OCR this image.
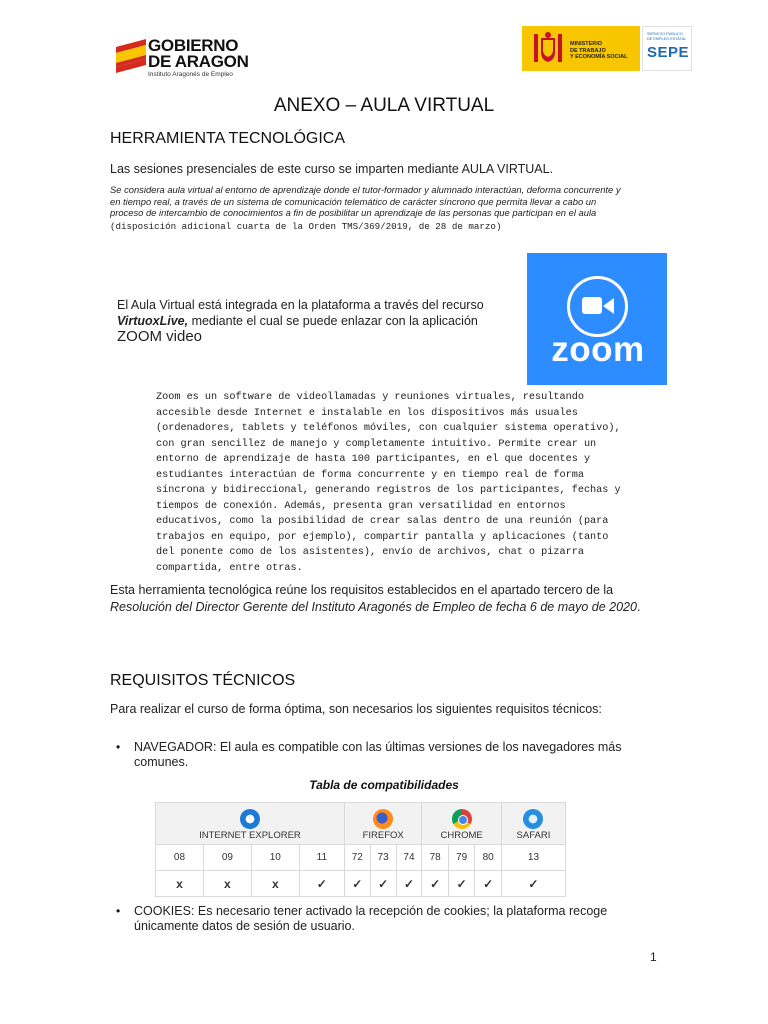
GOBIERNO
DE ARAGON
Instituto Aragonés de Empleo
MINISTERIO
DE TRABAJO
Y ECONOMÍA SOCIAL
SERVICIO PÚBLICO DE EMPLEO ESTATAL
SEPE
ANEXO – AULA VIRTUAL
HERRAMIENTA TECNOLÓGICA
Las sesiones presenciales de este curso se imparten mediante AULA VIRTUAL.
Se considera aula virtual al entorno de aprendizaje donde el tutor-formador y alumnado interactúan, deforma concurrente y en tiempo real, a través de un sistema de comunicación telemático de carácter síncrono que permita llevar a cabo un proceso de intercambio de conocimientos a fin de posibilitar un aprendizaje de las personas que participan en el aula (disposición adicional cuarta de la Orden TMS/369/2019, de 28 de marzo)
El Aula Virtual está integrada en la plataforma a través del recurso VirtuoxLive, mediante el cual se puede enlazar con la aplicación ZOOM video	zoom
Zoom es un software de videollamadas y reuniones virtuales, resultando accesible desde Internet e instalable en los dispositivos más usuales (ordenadores, tablets y teléfonos móviles, con cualquier sistema operativo), con gran sencillez de manejo y completamente intuitivo. Permite crear un entorno de aprendizaje de hasta 100 participantes, en el que docentes y estudiantes interactúan de forma concurrente y en tiempo real de forma síncrona y bidireccional, generando registros de los participantes, fechas y tiempos de conexión. Además, presenta gran versatilidad en entornos educativos, como la posibilidad de crear salas dentro de una reunión (para trabajos en equipo, por ejemplo), compartir pantalla y aplicaciones (tanto del ponente como de los asistentes), envío de archivos, chat o pizarra compartida, entre otras.
Esta herramienta tecnológica reúne los requisitos establecidos en el apartado tercero de la Resolución del Director Gerente del Instituto Aragonés de Empleo de fecha 6 de mayo de 2020.
REQUISITOS TÉCNICOS
Para realizar el curso de forma óptima, son necesarios los siguientes requisitos técnicos:
• NAVEGADOR: El aula es compatible con las últimas versiones de los navegadores más comunes.
Tabla de compatibilidades
INTERNET EXPLORER				FIREFOX			CHROME			SAFARI
08	09	10	11	72	73	74	78	79	80	13
x	x	x	✓	✓	✓	✓	✓	✓	✓	✓
• COOKIES: Es necesario tener activado la recepción de cookies; la plataforma recoge únicamente datos de sesión de usuario.
1
